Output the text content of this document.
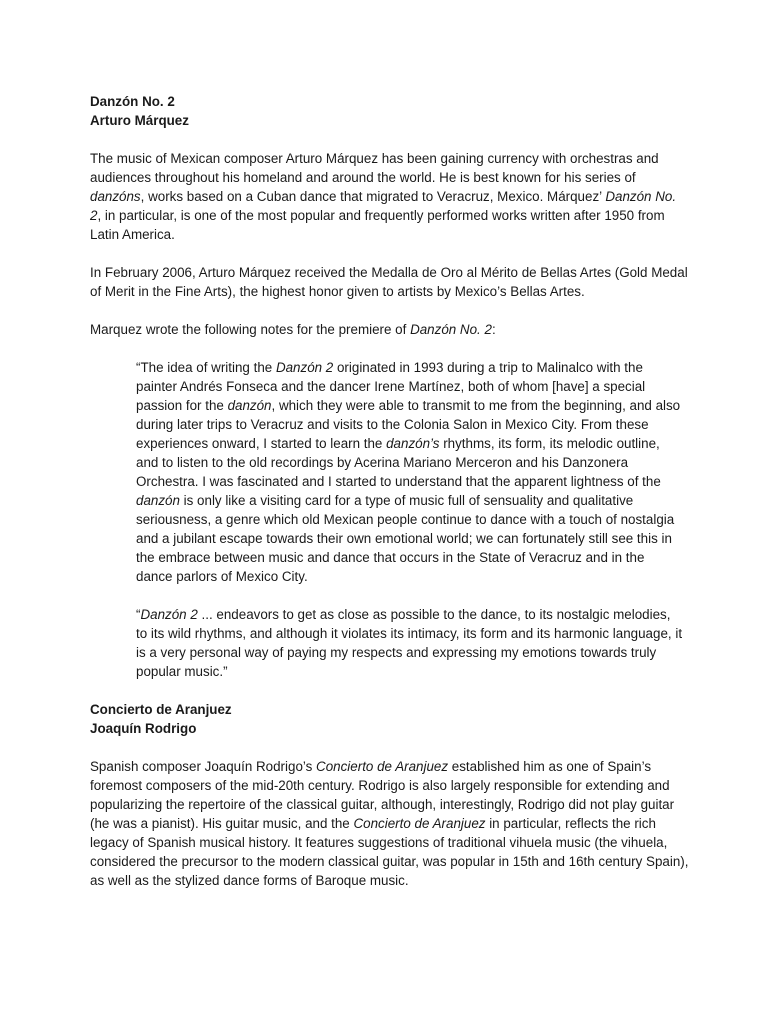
Danzón No. 2

Arturo Márquez

The music of Mexican composer Arturo Márquez has been gaining currency with orchestras and audiences throughout his homeland and around the world. He is best known for his series of danzóns, works based on a Cuban dance that migrated to Veracruz, Mexico. Márquez’ Danzón No. 2, in particular, is one of the most popular and frequently performed works written after 1950 from Latin America.

In February 2006, Arturo Márquez received the Medalla de Oro al Mérito de Bellas Artes (Gold Medal of Merit in the Fine Arts), the highest honor given to artists by Mexico’s Bellas Artes.

Marquez wrote the following notes for the premiere of Danzón No. 2:

“The idea of writing the Danzón 2 originated in 1993 during a trip to Malinalco with the painter Andrés Fonseca and the dancer Irene Martínez, both of whom [have] a special passion for the danzón, which they were able to transmit to me from the beginning, and also during later trips to Veracruz and visits to the Colonia Salon in Mexico City. From these experiences onward, I started to learn the danzón’s rhythms, its form, its melodic outline, and to listen to the old recordings by Acerina Mariano Merceron and his Danzonera Orchestra. I was fascinated and I started to understand that the apparent lightness of the danzón is only like a visiting card for a type of music full of sensuality and qualitative seriousness, a genre which old Mexican people continue to dance with a touch of nostalgia and a jubilant escape towards their own emotional world; we can fortunately still see this in the embrace between music and dance that occurs in the State of Veracruz and in the dance parlors of Mexico City.

“Danzón 2 ... endeavors to get as close as possible to the dance, to its nostalgic melodies, to its wild rhythms, and although it violates its intimacy, its form and its harmonic language, it is a very personal way of paying my respects and expressing my emotions towards truly popular music.”

Concierto de Aranjuez

Joaquín Rodrigo

Spanish composer Joaquín Rodrigo’s Concierto de Aranjuez established him as one of Spain’s foremost composers of the mid-20th century. Rodrigo is also largely responsible for extending and popularizing the repertoire of the classical guitar, although, interestingly, Rodrigo did not play guitar (he was a pianist). His guitar music, and the Concierto de Aranjuez in particular, reflects the rich legacy of Spanish musical history. It features suggestions of traditional vihuela music (the vihuela, considered the precursor to the modern classical guitar, was popular in 15th and 16th century Spain), as well as the stylized dance forms of Baroque music.
